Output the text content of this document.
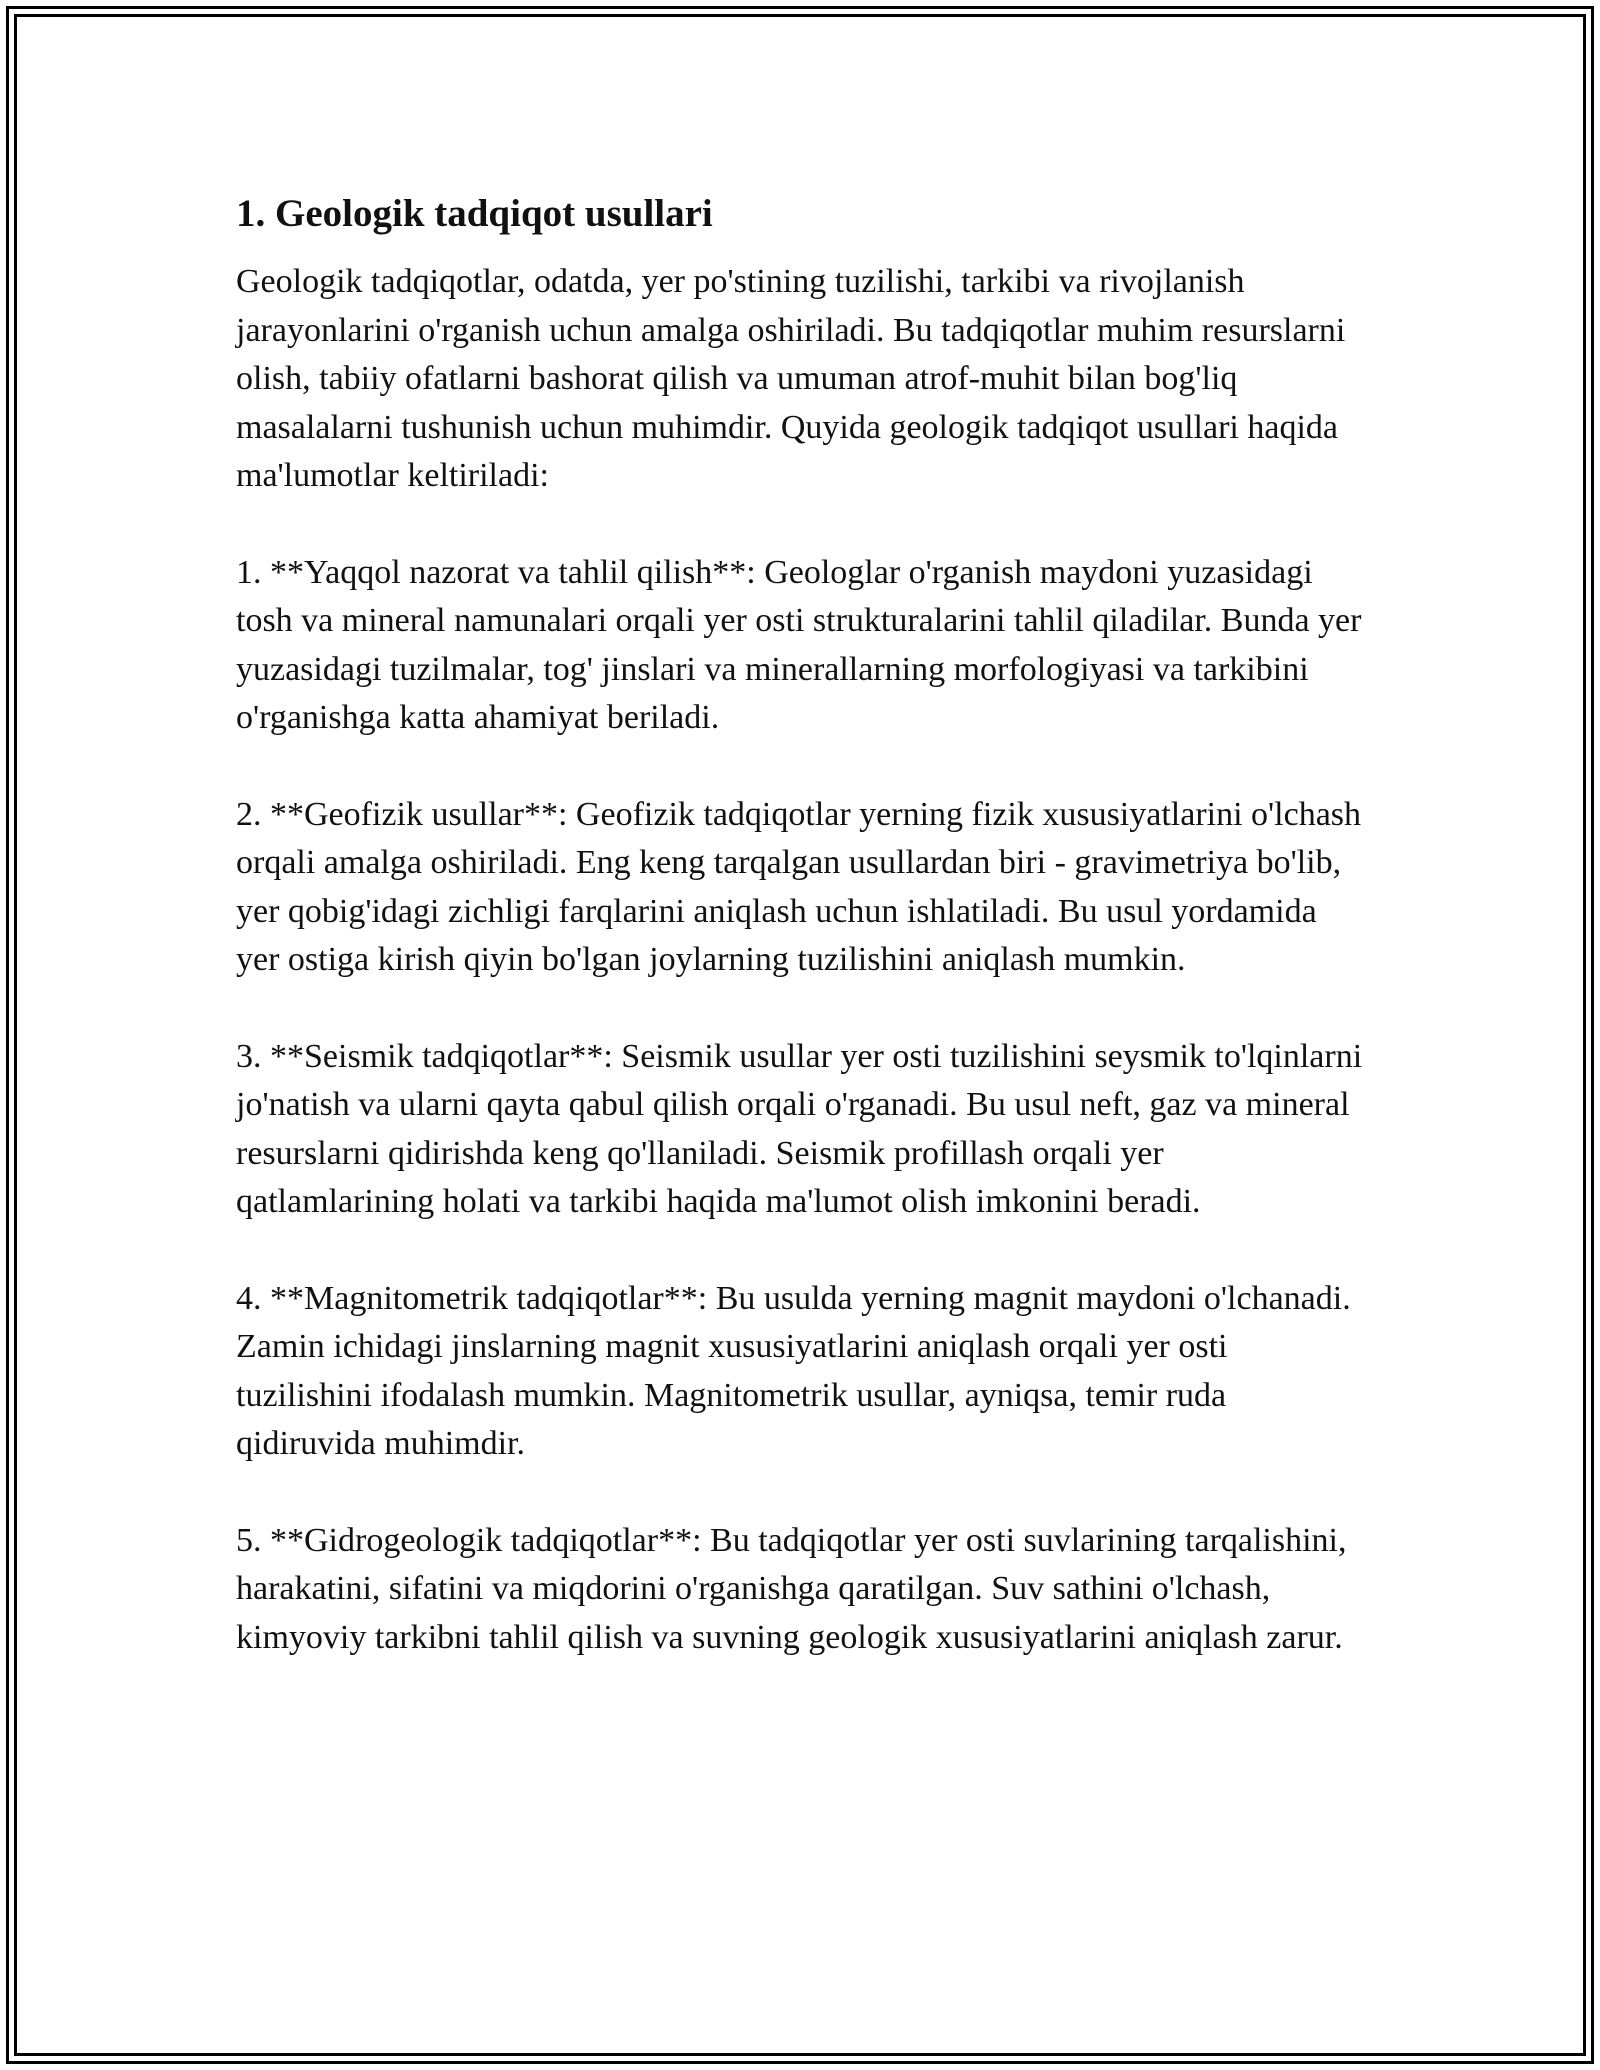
1. Geologik tadqiqot usullari

Geologik tadqiqotlar, odatda, yer po'stining tuzilishi, tarkibi va rivojlanish jarayonlarini o'rganish uchun amalga oshiriladi. Bu tadqiqotlar muhim resurslarni olish, tabiiy ofatlarni bashorat qilish va umuman atrof-muhit bilan bog'liq masalalarni tushunish uchun muhimdir. Quyida geologik tadqiqot usullari haqida ma'lumotlar keltiriladi:

1. **Yaqqol nazorat va tahlil qilish**: Geologlar o'rganish maydoni yuzasidagi tosh va mineral namunalari orqali yer osti strukturalarini tahlil qiladilar. Bunda yer yuzasidagi tuzilmalar, tog' jinslari va minerallarning morfologiyasi va tarkibini o'rganishga katta ahamiyat beriladi.

2. **Geofizik usullar**: Geofizik tadqiqotlar yerning fizik xususiyatlarini o'lchash orqali amalga oshiriladi. Eng keng tarqalgan usullardan biri - gravimetriya bo'lib, yer qobig'idagi zichligi farqlarini aniqlash uchun ishlatiladi. Bu usul yordamida yer ostiga kirish qiyin bo'lgan joylarning tuzilishini aniqlash mumkin.

3. **Seismik tadqiqotlar**: Seismik usullar yer osti tuzilishini seysmik to'lqinlarni jo'natish va ularni qayta qabul qilish orqali o'rganadi. Bu usul neft, gaz va mineral resurslarni qidirishda keng qo'llaniladi. Seismik profillash orqali yer qatlamlarining holati va tarkibi haqida ma'lumot olish imkonini beradi.

4. **Magnitometrik tadqiqotlar**: Bu usulda yerning magnit maydoni o'lchanadi. Zamin ichidagi jinslarning magnit xususiyatlarini aniqlash orqali yer osti tuzilishini ifodalash mumkin. Magnitometrik usullar, ayniqsa, temir ruda qidiruvida muhimdir.

5. **Gidrogeologik tadqiqotlar**: Bu tadqiqotlar yer osti suvlarining tarqalishini, harakatini, sifatini va miqdorini o'rganishga qaratilgan. Suv sathini o'lchash, kimyoviy tarkibni tahlil qilish va suvning geologik xususiyatlarini aniqlash zarur.
